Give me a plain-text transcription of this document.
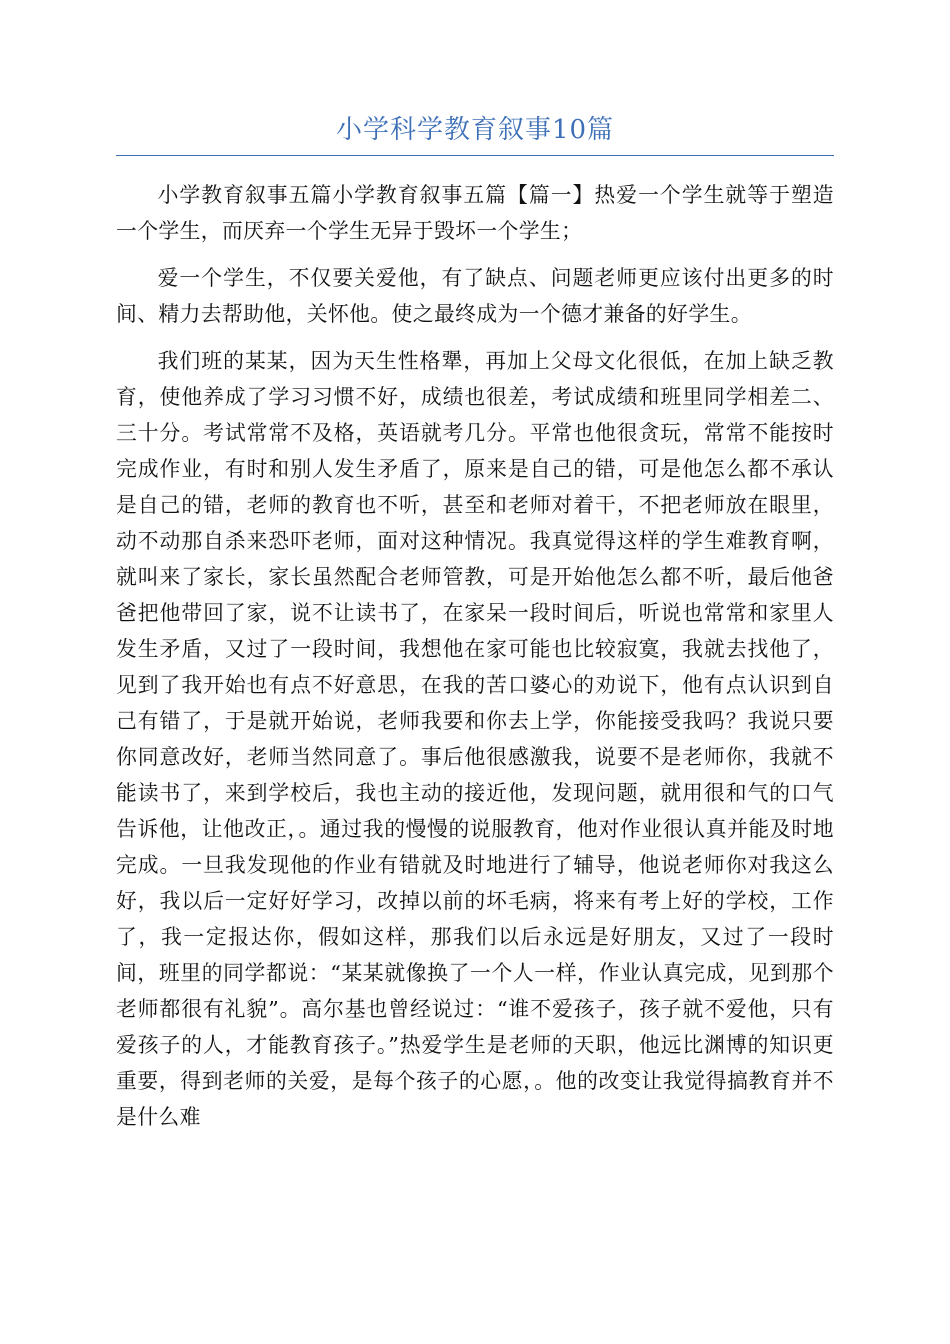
小学科学教育叙事10篇

小学教育叙事五篇小学教育叙事五篇【篇一】热爱一个学生就等于塑造一个学生，而厌弃一个学生无异于毁坏一个学生；

爱一个学生，不仅要关爱他，有了缺点、问题老师更应该付出更多的时间、精力去帮助他，关怀他。使之最终成为一个德才兼备的好学生。

我们班的某某，因为天生性格犟，再加上父母文化很低，在加上缺乏教育，使他养成了学习习惯不好，成绩也很差，考试成绩和班里同学相差二、三十分。考试常常不及格，英语就考几分。平常也他很贪玩，常常不能按时完成作业，有时和别人发生矛盾了，原来是自己的错，可是他怎么都不承认是自己的错，老师的教育也不听，甚至和老师对着干，不把老师放在眼里，动不动那自杀来恐吓老师，面对这种情况。我真觉得这样的学生难教育啊，就叫来了家长，家长虽然配合老师管教，可是开始他怎么都不听，最后他爸爸把他带回了家，说不让读书了，在家呆一段时间后，听说也常常和家里人发生矛盾，又过了一段时间，我想他在家可能也比较寂寞，我就去找他了，见到了我开始也有点不好意思，在我的苦口婆心的劝说下，他有点认识到自己有错了，于是就开始说，老师我要和你去上学，你能接受我吗？我说只要你同意改好，老师当然同意了。事后他很感激我，说要不是老师你，我就不能读书了，来到学校后，我也主动的接近他，发现问题，就用很和气的口气告诉他，让他改正，。通过我的慢慢的说服教育，他对作业很认真并能及时地完成。一旦我发现他的作业有错就及时地进行了辅导，他说老师你对我这么好，我以后一定好好学习，改掉以前的坏毛病，将来有考上好的学校，工作了，我一定报达你，假如这样，那我们以后永远是好朋友，又过了一段时间，班里的同学都说：“某某就像换了一个人一样，作业认真完成，见到那个老师都很有礼貌”。高尔基也曾经说过：“谁不爱孩子，孩子就不爱他，只有爱孩子的人，才能教育孩子。”热爱学生是老师的天职，他远比渊博的知识更重要，得到老师的关爱，是每个孩子的心愿，。他的改变让我觉得搞教育并不是什么难
